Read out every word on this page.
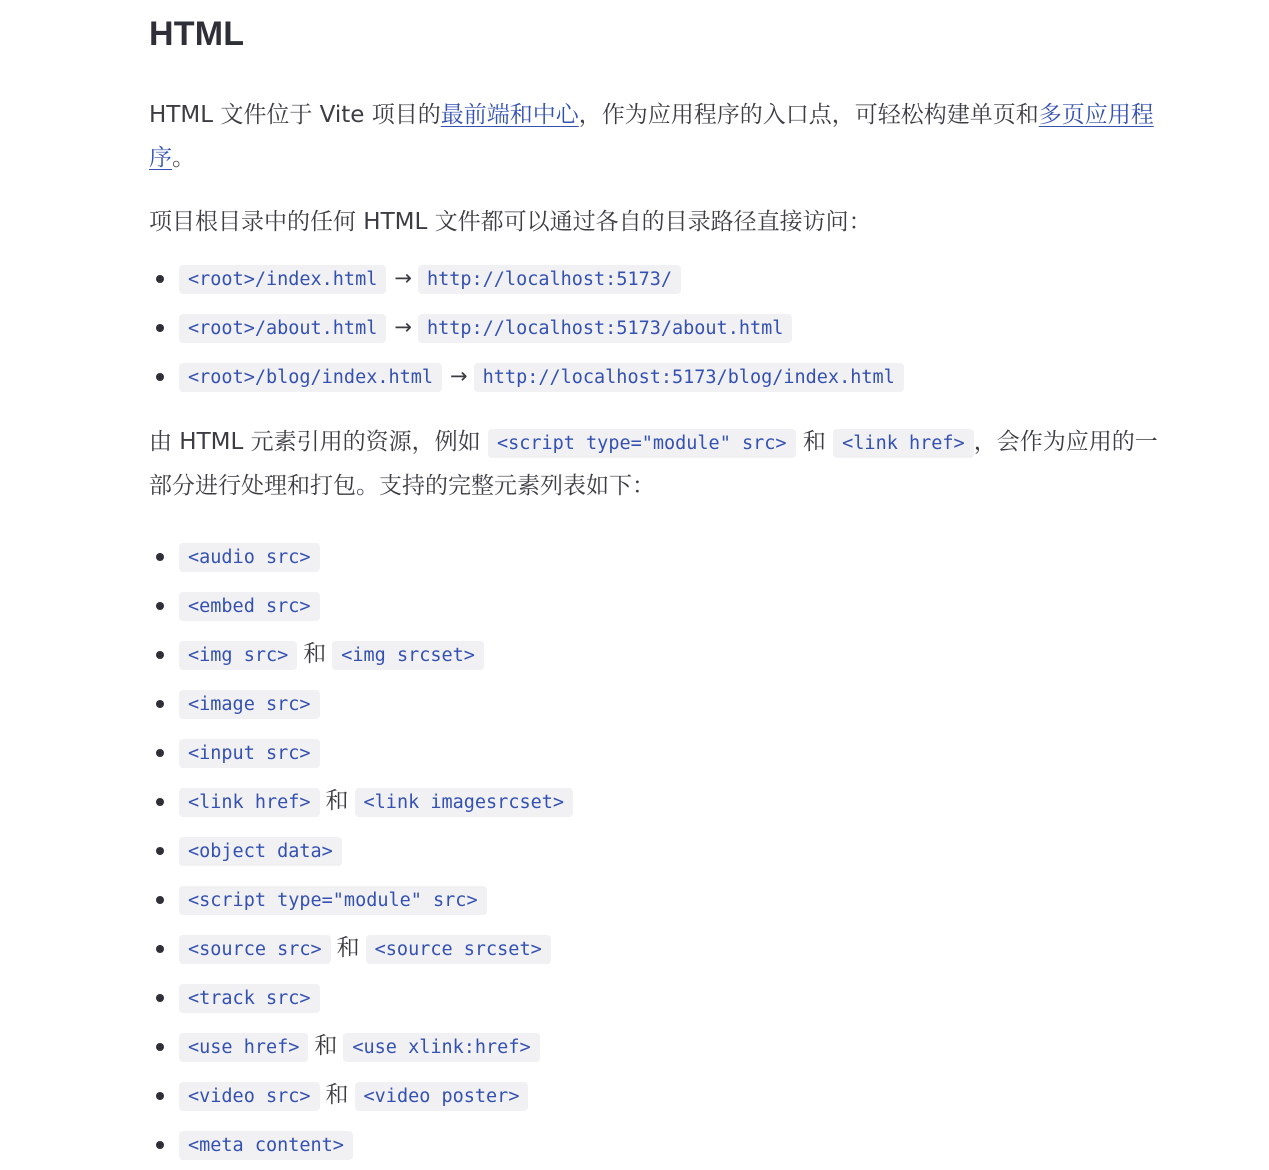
HTML

HTML 文件位于 Vite 项目的最前端和中心，作为应用程序的入口点，可轻松构建单页和多页应用程序。

项目根目录中的任何 HTML 文件都可以通过各自的目录路径直接访问：

<root>/index.html → http://localhost:5173/
<root>/about.html → http://localhost:5173/about.html
<root>/blog/index.html → http://localhost:5173/blog/index.html

由 HTML 元素引用的资源，例如 <script type="module" src> 和 <link href> ，会作为应用的一部分进行处理和打包。支持的完整元素列表如下：

<audio src>
<embed src>
<img src> 和 <img srcset>
<image src>
<input src>
<link href> 和 <link imagesrcset>
<object data>
<script type="module" src>
<source src> 和 <source srcset>
<track src>
<use href> 和 <use xlink:href>
<video src> 和 <video poster>
<meta content>
